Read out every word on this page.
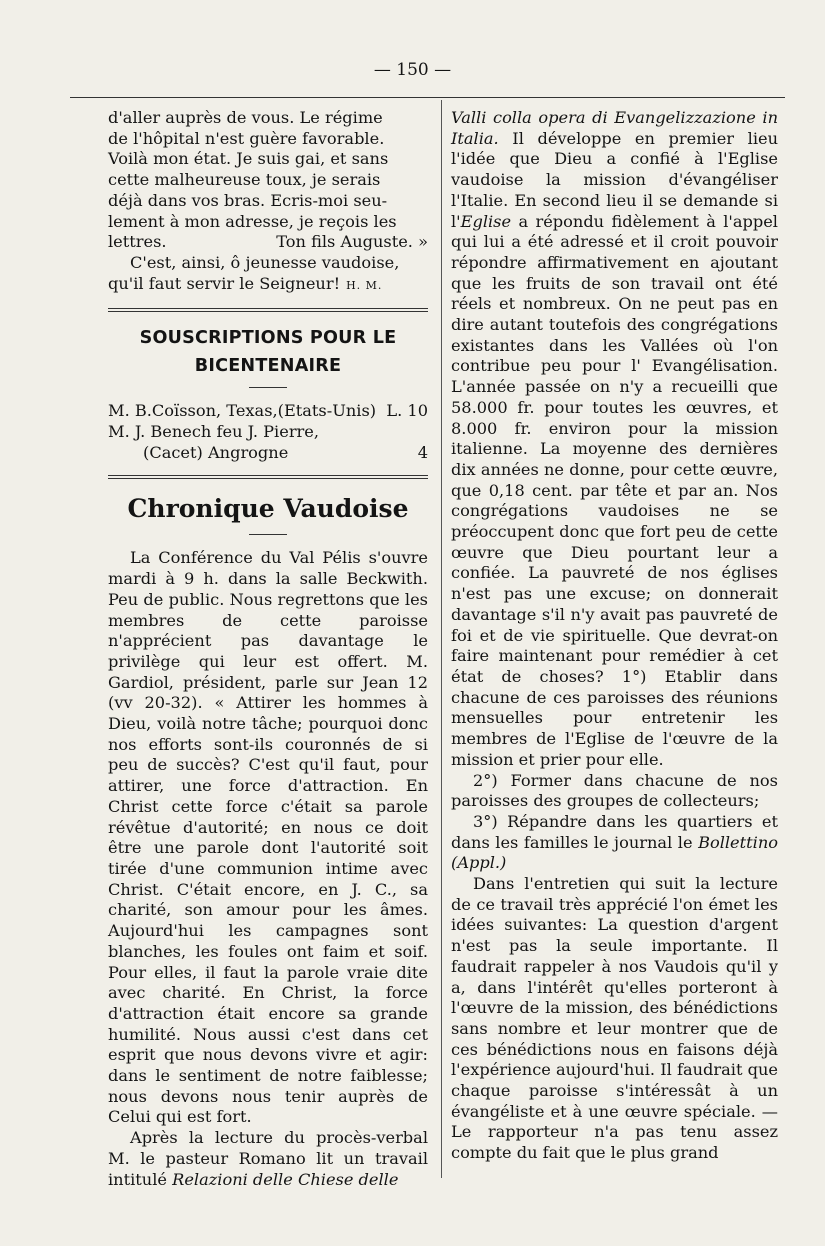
— 150 —

d'aller auprès de vous. Le régime

de l'hôpital n'est guère favorable.

Voilà mon état. Je suis gai, et sans

cette malheureuse toux, je serais

déjà dans vos bras. Ecris-moi seu-

lement à mon adresse, je reçois les

lettres.	Ton fils Auguste. »

C'est, ainsi, ô jeunesse vaudoise,

qu'il faut servir le Seigneur! H. M.

SOUSCRIPTIONS POUR LE BICENTENAIRE
M. B.Coïsson, Texas,(Etats-Unis) L. 10

M. J. Benech feu J. Pierre,

(Cacet) Angrogne	4
Chronique Vaudoise

La Conférence du Val Pélis s'ouvre mardi à 9 h. dans la salle Beckwith. Peu de public. Nous regrettons que les membres de cette paroisse n'apprécient pas davantage le privilège qui leur est offert. M. Gardiol, président, parle sur Jean 12 (vv 20-32). « Attirer les hommes à Dieu, voilà notre tâche; pourquoi donc nos efforts sont-ils couronnés de si peu de succès? C'est qu'il faut, pour attirer, une force d'attraction. En Christ cette force c'était sa parole révêtue d'autorité; en nous ce doit être une parole dont l'autorité soit tirée d'une communion intime avec Christ. C'était encore, en J. C., sa charité, son amour pour les âmes. Aujourd'hui les campagnes sont blanches, les foules ont faim et soif. Pour elles, il faut la parole vraie dite avec charité. En Christ, la force d'attraction était encore sa grande humilité. Nous aussi c'est dans cet esprit que nous devons vivre et agir: dans le sentiment de notre faiblesse; nous devons nous tenir auprès de Celui qui est fort.

Après la lecture du procès-verbal M. le pasteur Romano lit un travail intitulé Relazioni delle Chiese delle

Valli colla opera di Evangelizzazione in Italia. Il développe en premier lieu l'idée que Dieu a confié à l'Eglise vaudoise la mission d'évangéliser l'Italie. En second lieu il se demande si l'Eglise a répondu fidèlement à l'appel qui lui a été adressé et il croit pouvoir répondre affirmativement en ajoutant que les fruits de son travail ont été réels et nombreux. On ne peut pas en dire autant toutefois des congrégations existantes dans les Vallées où l'on contribue peu pour l' Evangélisation. L'année passée on n'y a recueilli que 58.000 fr. pour toutes les œuvres, et 8.000 fr. environ pour la mission italienne. La moyenne des dernières dix années ne donne, pour cette œuvre, que 0,18 cent. par tête et par an. Nos congrégations vaudoises ne se préoccupent donc que fort peu de cette œuvre que Dieu pourtant leur a confiée. La pauvreté de nos églises n'est pas une excuse; on donnerait davantage s'il n'y avait pas pauvreté de foi et de vie spirituelle. Que devrat-on faire maintenant pour remédier à cet état de choses? 1°) Etablir dans chacune de ces paroisses des réunions mensuelles pour entretenir les membres de l'Eglise de l'œuvre de la mission et prier pour elle.

2°) Former dans chacune de nos paroisses des groupes de collecteurs;

3°) Répandre dans les quartiers et dans les familles le journal le Bollettino (Appl.)

Dans l'entretien qui suit la lecture de ce travail très apprécié l'on émet les idées suivantes: La question d'argent n'est pas la seule importante. Il faudrait rappeler à nos Vaudois qu'il y a, dans l'intérêt qu'elles porteront à l'œuvre de la mission, des bénédictions sans nombre et leur montrer que de ces bénédictions nous en faisons déjà l'expérience aujourd'hui. Il faudrait que chaque paroisse s'intéressât à un évangéliste et à une œuvre spéciale. — Le rapporteur n'a pas tenu assez compte du fait que le plus grand
